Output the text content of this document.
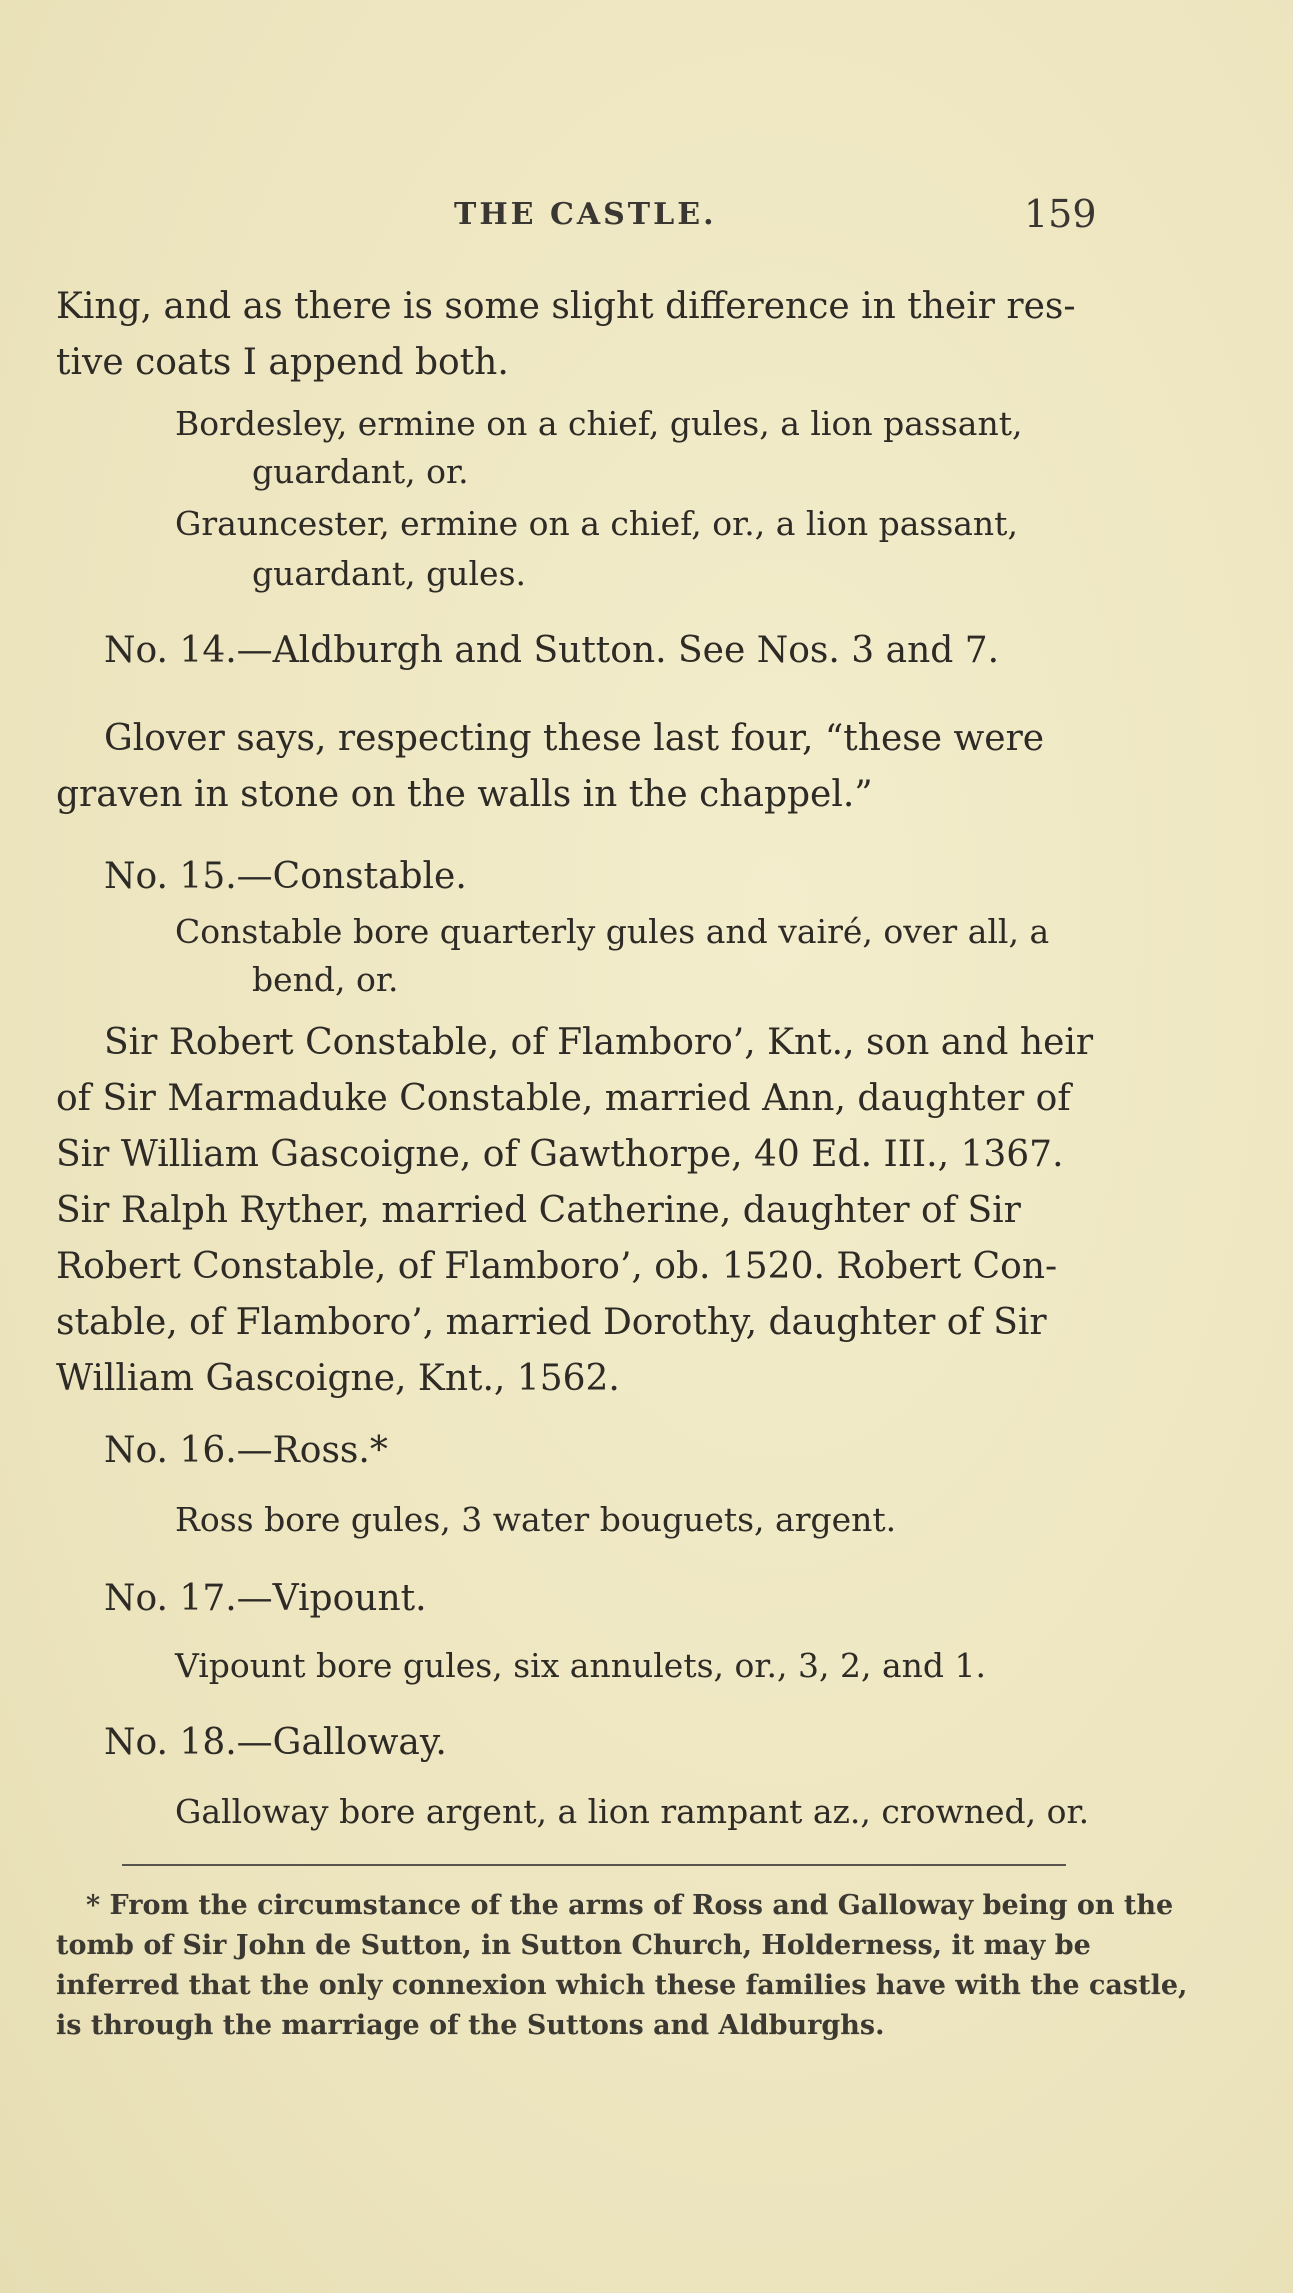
THE CASTLE.	159

King, and as there is some slight difference in their res-

tive coats I append both.

Bordesley, ermine on a chief, gules, a lion passant,

guardant, or.

Grauncester, ermine on a chief, or., a lion passant,

guardant, gules.

No. 14.—Aldburgh and Sutton. See Nos. 3 and 7.

Glover says, respecting these last four, “these were

graven in stone on the walls in the chappel.”

No. 15.—Constable.

Constable bore quarterly gules and vairé, over all, a

bend, or.

Sir Robert Constable, of Flamboro’, Knt., son and heir

of Sir Marmaduke Constable, married Ann, daughter of

Sir William Gascoigne, of Gawthorpe, 40 Ed. III., 1367.

Sir Ralph Ryther, married Catherine, daughter of Sir

Robert Constable, of Flamboro’, ob. 1520. Robert Con-

stable, of Flamboro’, married Dorothy, daughter of Sir

William Gascoigne, Knt., 1562.

No. 16.—Ross.*

Ross bore gules, 3 water bouguets, argent.

No. 17.—Vipount.

Vipount bore gules, six annulets, or., 3, 2, and 1.

No. 18.—Galloway.

Galloway bore argent, a lion rampant az., crowned, or.

* From the circumstance of the arms of Ross and Galloway being on the

tomb of Sir John de Sutton, in Sutton Church, Holderness, it may be

inferred that the only connexion which these families have with the castle,

is through the marriage of the Suttons and Aldburghs.
